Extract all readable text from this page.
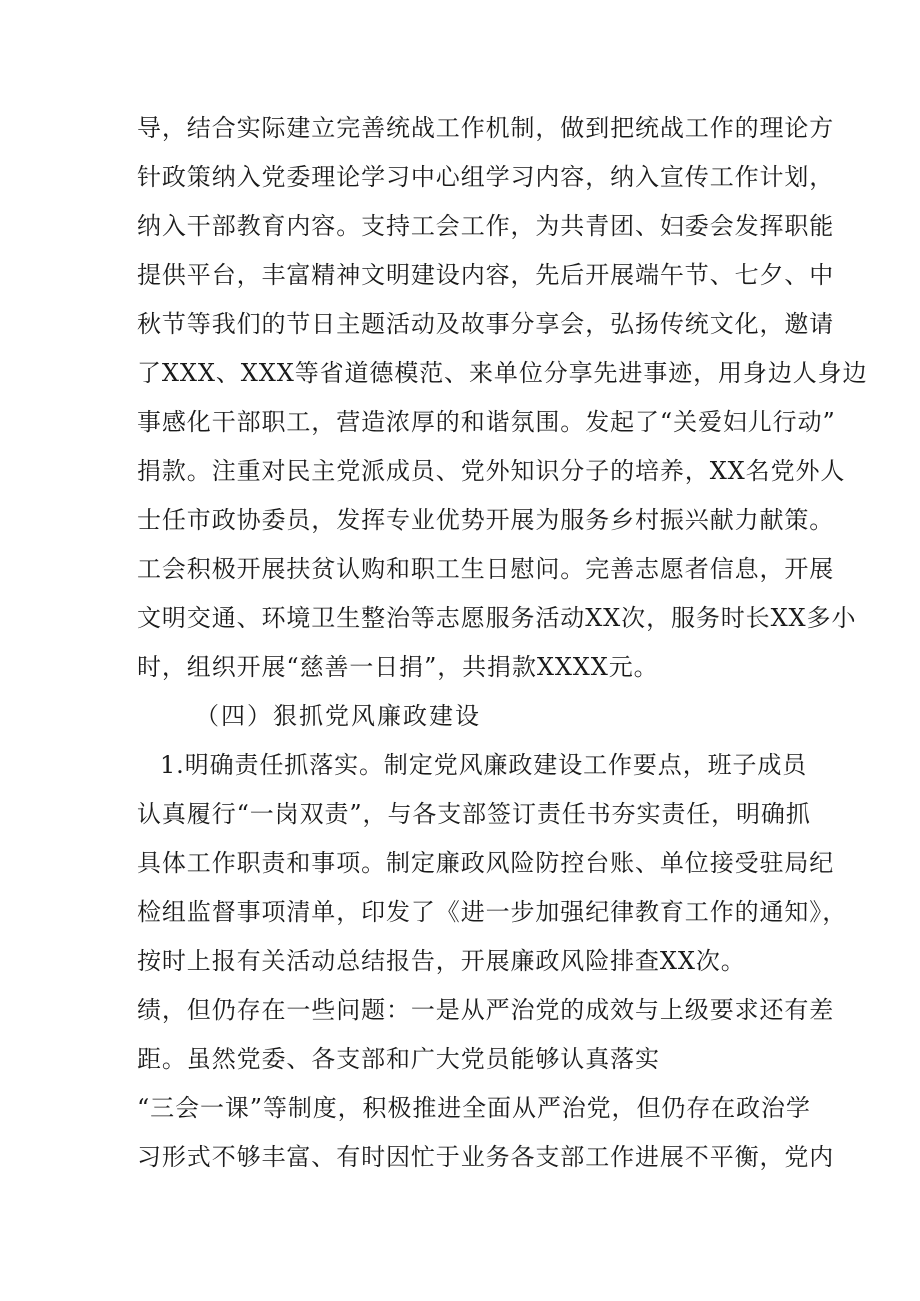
导，结合实际建立完善统战工作机制，做到把统战工作的理论方
针政策纳入党委理论学习中心组学习内容，纳入宣传工作计划，
纳入干部教育内容。支持工会工作，为共青团、妇委会发挥职能
提供平台，丰富精神文明建设内容，先后开展端午节、七夕、中
秋节等我们的节日主题活动及故事分享会，弘扬传统文化，邀请
了XXX、XXX等省道德模范、来单位分享先进事迹，用身边人身边
事感化干部职工，营造浓厚的和谐氛围。发起了“关爱妇儿行动”
捐款。注重对民主党派成员、党外知识分子的培养，XX名党外人
士任市政协委员，发挥专业优势开展为服务乡村振兴献力献策。
工会积极开展扶贫认购和职工生日慰问。完善志愿者信息，开展
文明交通、环境卫生整治等志愿服务活动XX次，服务时长XX多小
时，组织开展“慈善一日捐”，共捐款XXXX元。
（四）狠抓党风廉政建设
1.明确责任抓落实。制定党风廉政建设工作要点，班子成员
认真履行“一岗双责”，与各支部签订责任书夯实责任，明确抓
具体工作职责和事项。制定廉政风险防控台账、单位接受驻局纪
检组监督事项清单，印发了《进一步加强纪律教育工作的通知》，
按时上报有关活动总结报告，开展廉政风险排查XX次。
绩，但仍存在一些问题：一是从严治党的成效与上级要求还有差
距。虽然党委、各支部和广大党员能够认真落实
“三会一课”等制度，积极推进全面从严治党，但仍存在政治学
习形式不够丰富、有时因忙于业务各支部工作进展不平衡，党内
